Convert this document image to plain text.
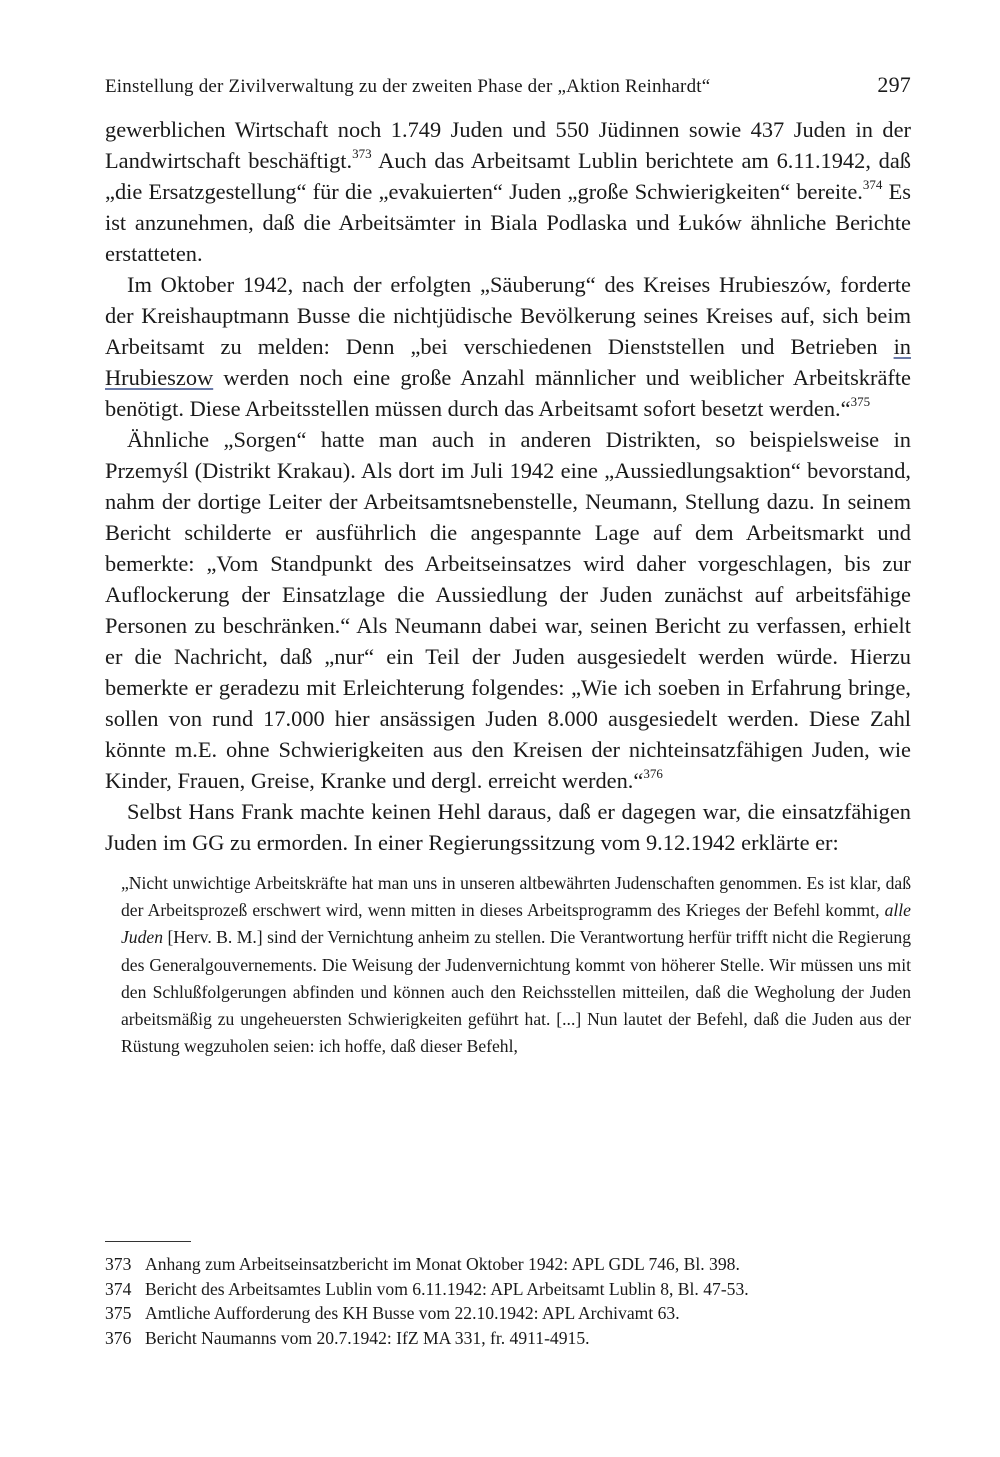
Einstellung der Zivilverwaltung zu der zweiten Phase der „Aktion Reinhardt“	297

gewerblichen Wirtschaft noch 1.749 Juden und 550 Jüdinnen sowie 437 Juden in der Landwirtschaft beschäftigt.$^{373}$ Auch das Arbeitsamt Lublin berichtete am 6.11.1942, daß „die Ersatzgestellung“ für die „evakuierten“ Juden „große Schwierigkeiten“ bereite.$^{374}$ Es ist anzunehmen, daß die Arbeitsämter in Biala Podlaska und Łuków ähnliche Berichte erstatteten.

Im Oktober 1942, nach der erfolgten „Säuberung“ des Kreises Hrubieszów, forderte der Kreishauptmann Busse die nichtjüdische Bevölkerung seines Kreises auf, sich beim Arbeitsamt zu melden: Denn „bei verschiedenen Dienststellen und Betrieben in Hrubieszow werden noch eine große Anzahl männlicher und weiblicher Arbeitskräfte benötigt. Diese Arbeitsstellen müssen durch das Arbeitsamt sofort besetzt werden.“$^{375}$

Ähnliche „Sorgen“ hatte man auch in anderen Distrikten, so beispielsweise in Przemyśl (Distrikt Krakau). Als dort im Juli 1942 eine „Aussiedlungsaktion“ bevorstand, nahm der dortige Leiter der Arbeitsamtsnebenstelle, Neumann, Stellung dazu. In seinem Bericht schilderte er ausführlich die angespannte Lage auf dem Arbeitsmarkt und bemerkte: „Vom Standpunkt des Arbeitseinsatzes wird daher vorgeschlagen, bis zur Auflockerung der Einsatzlage die Aussiedlung der Juden zunächst auf arbeitsfähige Personen zu beschränken.“ Als Neumann dabei war, seinen Bericht zu verfassen, erhielt er die Nachricht, daß „nur“ ein Teil der Juden ausgesiedelt werden würde. Hierzu bemerkte er geradezu mit Erleichterung folgendes: „Wie ich soeben in Erfahrung bringe, sollen von rund 17.000 hier ansässigen Juden 8.000 ausgesiedelt werden. Diese Zahl könnte m.E. ohne Schwierigkeiten aus den Kreisen der nichteinsatzfähigen Juden, wie Kinder, Frauen, Greise, Kranke und dergl. erreicht werden.“$^{376}$

Selbst Hans Frank machte keinen Hehl daraus, daß er dagegen war, die einsatzfähigen Juden im GG zu ermorden. In einer Regierungssitzung vom 9.12.1942 erklärte er:

„Nicht unwichtige Arbeitskräfte hat man uns in unseren altbewährten Judenschaften genommen. Es ist klar, daß der Arbeitsprozeß erschwert wird, wenn mitten in dieses Arbeitsprogramm des Krieges der Befehl kommt, alle Juden [Herv. B. M.] sind der Vernichtung anheim zu stellen. Die Verantwortung herfür trifft nicht die Regierung des Generalgouvernements. Die Weisung der Judenvernichtung kommt von höherer Stelle. Wir müssen uns mit den Schlußfolgerungen abfinden und können auch den Reichsstellen mitteilen, daß die Wegholung der Juden arbeitsmäßig zu ungeheuersten Schwierigkeiten geführt hat. [...] Nun lautet der Befehl, daß die Juden aus der Rüstung wegzuholen seien: ich hoffe, daß dieser Befehl,
373 Anhang zum Arbeitseinsatzbericht im Monat Oktober 1942: APL GDL 746, Bl. 398.
374 Bericht des Arbeitsamtes Lublin vom 6.11.1942: APL Arbeitsamt Lublin 8, Bl. 47-53.
375 Amtliche Aufforderung des KH Busse vom 22.10.1942: APL Archivamt 63.
376 Bericht Naumanns vom 20.7.1942: IfZ MA 331, fr. 4911-4915.
